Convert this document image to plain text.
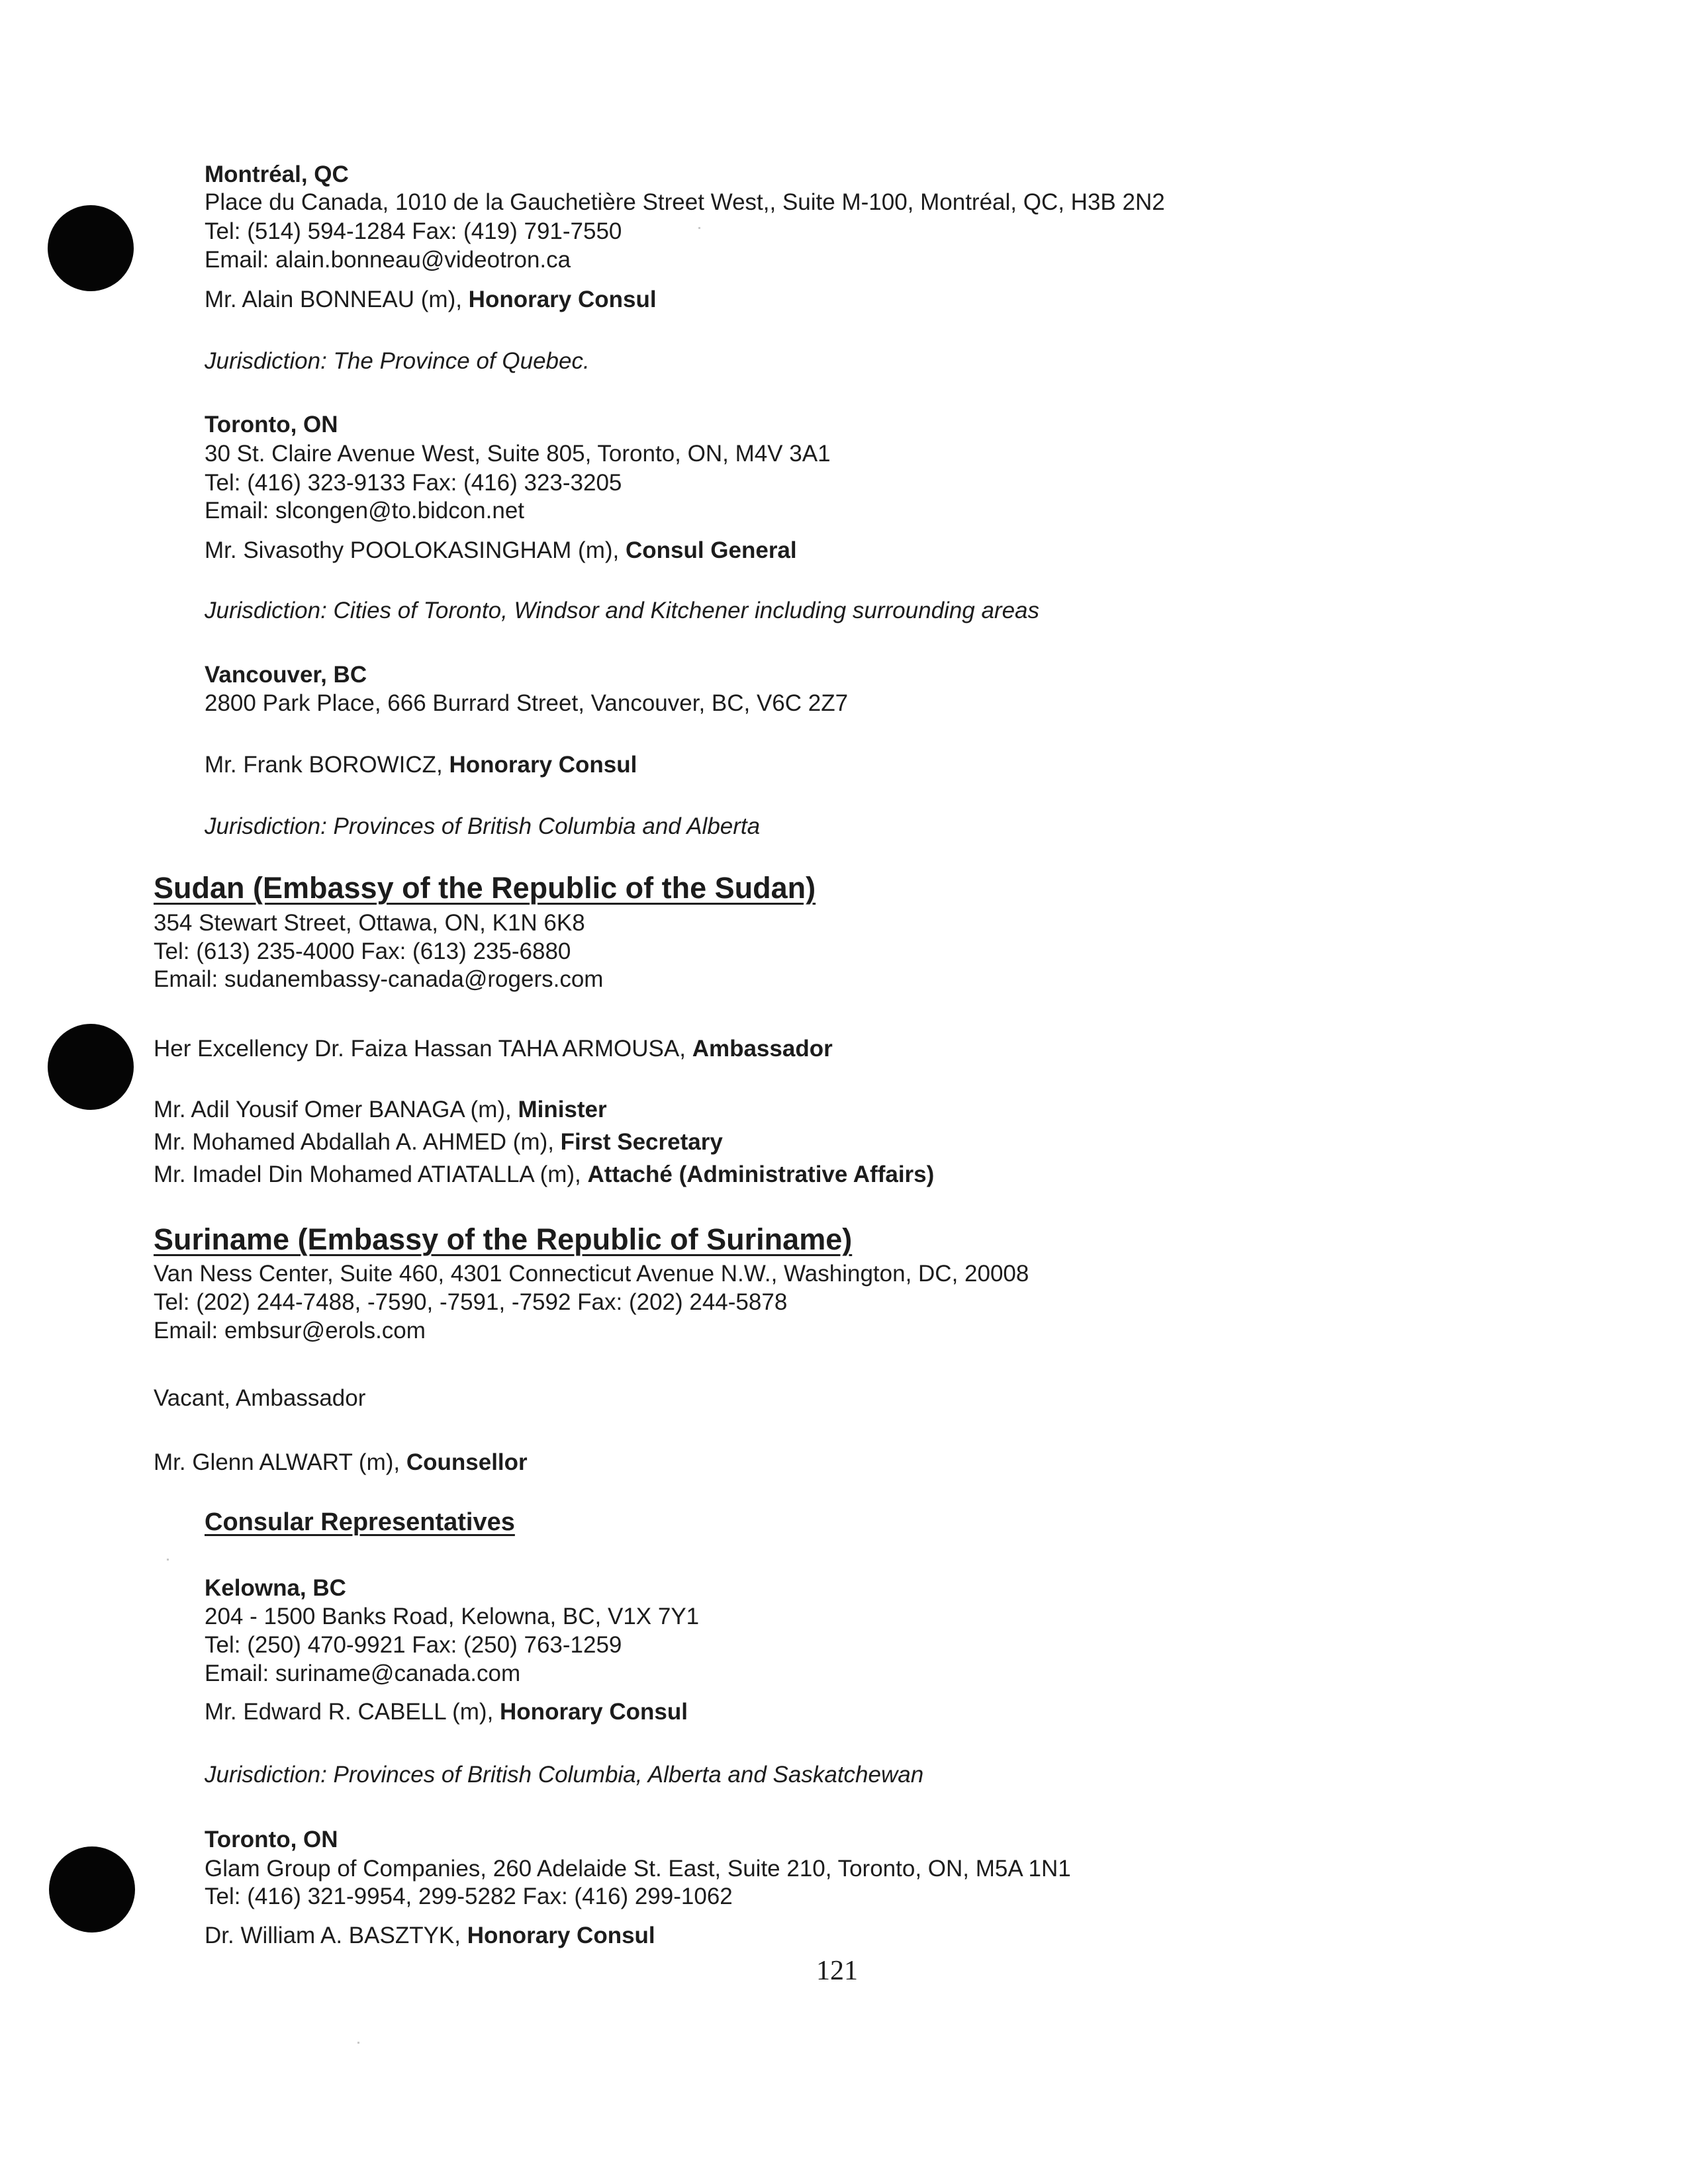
Montréal, QC
Place du Canada, 1010 de la Gauchetière Street West,, Suite M-100, Montréal, QC, H3B 2N2
Tel: (514) 594-1284 Fax: (419) 791-7550
Email: alain.bonneau@videotron.ca
Mr. Alain BONNEAU (m), Honorary Consul
Jurisdiction: The Province of Quebec.
Toronto, ON
30 St. Claire Avenue West, Suite 805, Toronto, ON, M4V 3A1
Tel: (416) 323-9133 Fax: (416) 323-3205
Email: slcongen@to.bidcon.net
Mr. Sivasothy POOLOKASINGHAM (m), Consul General
Jurisdiction: Cities of Toronto, Windsor and Kitchener including surrounding areas
Vancouver, BC
2800 Park Place, 666 Burrard Street, Vancouver, BC, V6C 2Z7
Mr. Frank BOROWICZ, Honorary Consul
Jurisdiction: Provinces of British Columbia and Alberta
Sudan (Embassy of the Republic of the Sudan)
354 Stewart Street, Ottawa, ON, K1N 6K8
Tel: (613) 235-4000 Fax: (613) 235-6880
Email: sudanembassy-canada@rogers.com
Her Excellency Dr. Faiza Hassan TAHA ARMOUSA, Ambassador
Mr. Adil Yousif Omer BANAGA (m), Minister
Mr. Mohamed Abdallah A. AHMED (m), First Secretary
Mr. Imadel Din Mohamed ATIATALLA (m), Attaché (Administrative Affairs)
Suriname (Embassy of the Republic of Suriname)
Van Ness Center, Suite 460, 4301 Connecticut Avenue N.W., Washington, DC, 20008
Tel: (202) 244-7488, -7590, -7591, -7592 Fax: (202) 244-5878
Email: embsur@erols.com
Vacant, Ambassador
Mr. Glenn ALWART (m), Counsellor
Consular Representatives
Kelowna, BC
204 - 1500 Banks Road, Kelowna, BC, V1X 7Y1
Tel: (250) 470-9921 Fax: (250) 763-1259
Email: suriname@canada.com
Mr. Edward R. CABELL (m), Honorary Consul
Jurisdiction: Provinces of British Columbia, Alberta and Saskatchewan
Toronto, ON
Glam Group of Companies, 260 Adelaide St. East, Suite 210, Toronto, ON, M5A 1N1
Tel: (416) 321-9954, 299-5282 Fax: (416) 299-1062
Dr. William A. BASZTYK, Honorary Consul
121
